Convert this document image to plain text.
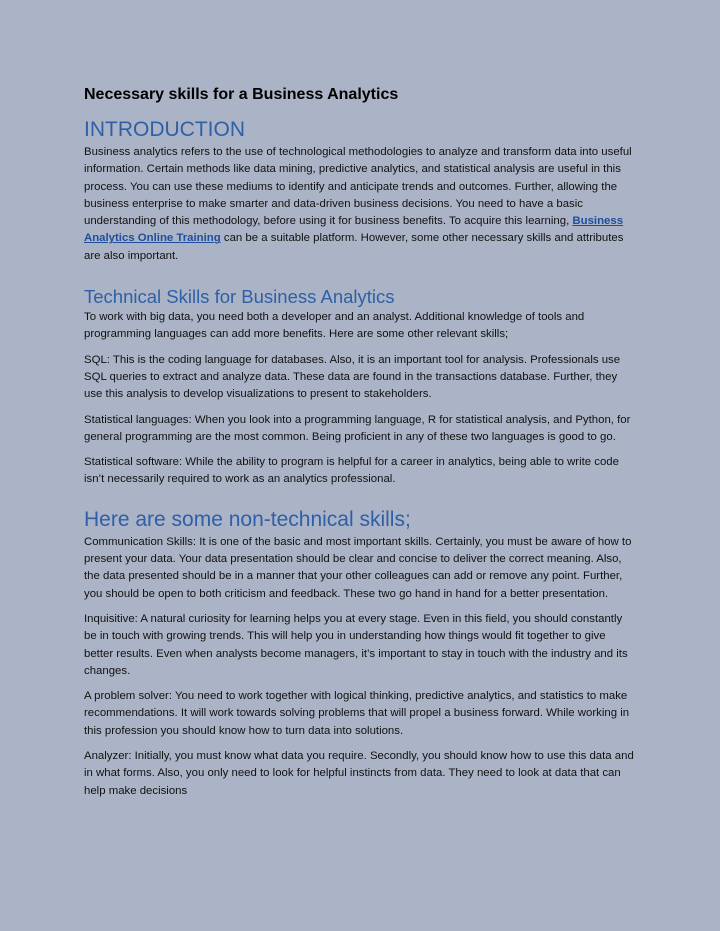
Necessary skills for a Business Analytics
INTRODUCTION

Business analytics refers to the use of technological methodologies to analyze and transform data into useful information. Certain methods like data mining, predictive analytics, and statistical analysis are useful in this process. You can use these mediums to identify and anticipate trends and outcomes. Further, allowing the business enterprise to make smarter and data-driven business decisions. You need to have a basic understanding of this methodology, before using it for business benefits. To acquire this learning, Business Analytics Online Training can be a suitable platform. However, some other necessary skills and attributes are also important.

Technical Skills for Business Analytics

To work with big data, you need both a developer and an analyst. Additional knowledge of tools and programming languages can add more benefits. Here are some other relevant skills;

SQL: This is the coding language for databases. Also, it is an important tool for analysis. Professionals use SQL queries to extract and analyze data. These data are found in the transactions database. Further, they use this analysis to develop visualizations to present to stakeholders.

Statistical languages: When you look into a programming language, R for statistical analysis, and Python, for general programming are the most common. Being proficient in any of these two languages is good to go.

Statistical software: While the ability to program is helpful for a career in analytics, being able to write code isn’t necessarily required to work as an analytics professional.

Here are some non-technical skills;

Communication Skills: It is one of the basic and most important skills. Certainly, you must be aware of how to present your data. Your data presentation should be clear and concise to deliver the correct meaning. Also, the data presented should be in a manner that your other colleagues can add or remove any point. Further, you should be open to both criticism and feedback. These two go hand in hand for a better presentation.

Inquisitive: A natural curiosity for learning helps you at every stage. Even in this field, you should constantly be in touch with growing trends. This will help you in understanding how things would fit together to give better results. Even when analysts become managers, it’s important to stay in touch with the industry and its changes.

A problem solver: You need to work together with logical thinking, predictive analytics, and statistics to make recommendations. It will work towards solving problems that will propel a business forward. While working in this profession you should know how to turn data into solutions.

Analyzer: Initially, you must know what data you require. Secondly, you should know how to use this data and in what forms. Also, you only need to look for helpful instincts from data. They need to look at data that can help make decisions
